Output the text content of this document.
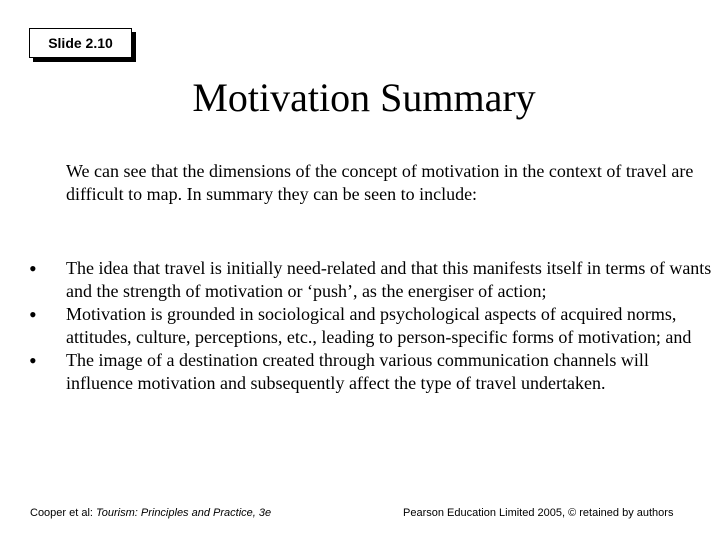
Slide 2.10
Motivation Summary

We can see that the dimensions of the concept of motivation in the context of travel are difficult to map. In summary they can be seen to include:

• The idea that travel is initially need-related and that this manifests itself in terms of wants and the strength of motivation or ‘push’, as the energiser of action;
• Motivation is grounded in sociological and psychological aspects of acquired norms, attitudes, culture, perceptions, etc., leading to person-specific forms of motivation; and
• The image of a destination created through various communication channels will influence motivation and subsequently affect the type of travel undertaken.
Cooper et al: Tourism: Principles and Practice, 3e	Pearson Education Limited 2005, © retained by authors
